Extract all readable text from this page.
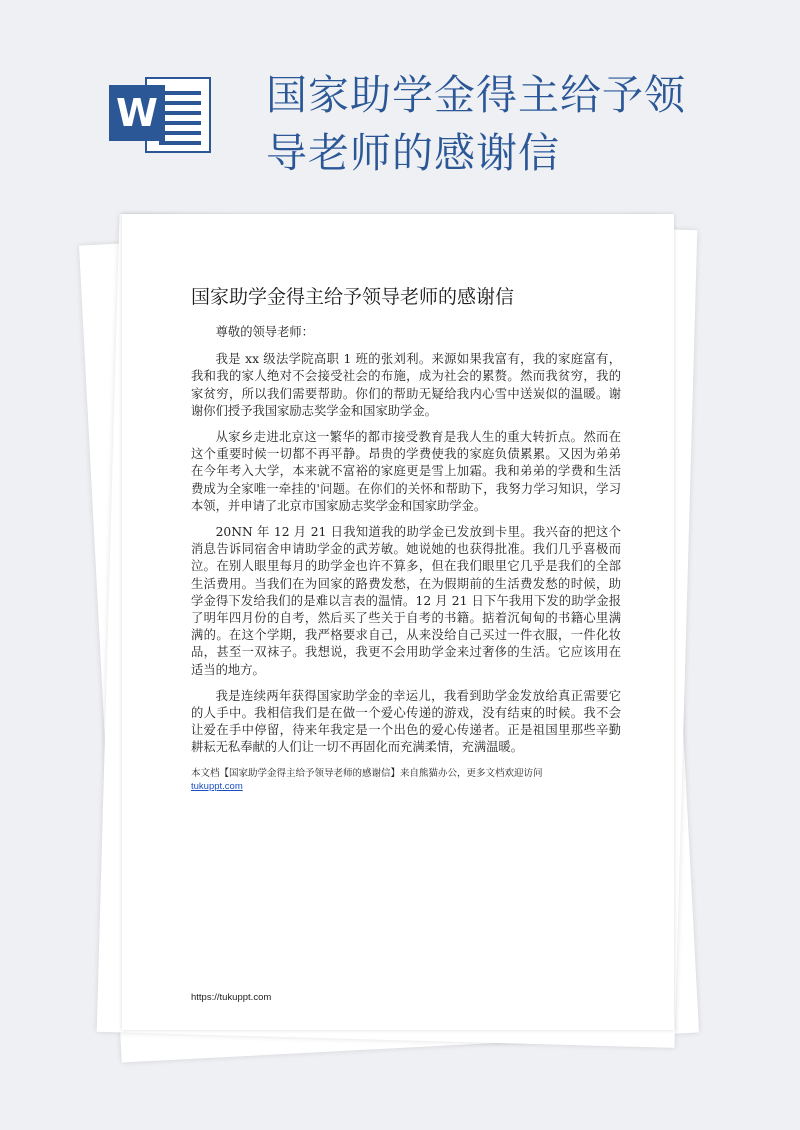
W	国家助学金得主给予领
导老师的感谢信
国家助学金得主给予领导老师的感谢信

尊敬的领导老师：

我是 xx 级法学院高职 1 班的张刘利。来源如果我富有，我的家庭富有，我和我的家人绝对不会接受社会的布施，成为社会的累赘。然而我贫穷，我的家贫穷，所以我们需要帮助。你们的帮助无疑给我内心雪中送炭似的温暖。谢谢你们授予我国家励志奖学金和国家助学金。

从家乡走进北京这一繁华的都市接受教育是我人生的重大转折点。然而在这个重要时候一切都不再平静。昂贵的学费使我的家庭负债累累。又因为弟弟在今年考入大学，本来就不富裕的家庭更是雪上加霜。我和弟弟的学费和生活费成为全家唯一牵挂的'问题。在你们的关怀和帮助下，我努力学习知识，学习本领，并申请了北京市国家励志奖学金和国家助学金。

20NN 年 12 月 21 日我知道我的助学金已发放到卡里。我兴奋的把这个消息告诉同宿舍申请助学金的武芳敏。她说她的也获得批准。我们几乎喜极而泣。在别人眼里每月的助学金也许不算多，但在我们眼里它几乎是我们的全部生活费用。当我们在为回家的路费发愁，在为假期前的生活费发愁的时候，助学金得下发给我们的是难以言表的温情。12 月 21 日下午我用下发的助学金报了明年四月份的自考，然后买了些关于自考的书籍。掂着沉甸甸的书籍心里满满的。在这个学期，我严格要求自己，从来没给自己买过一件衣服，一件化妆品，甚至一双袜子。我想说，我更不会用助学金来过奢侈的生活。它应该用在适当的地方。

我是连续两年获得国家助学金的幸运儿，我看到助学金发放给真正需要它的人手中。我相信我们是在做一个爱心传递的游戏，没有结束的时候。我不会让爱在手中停留，待来年我定是一个出色的爱心传递者。正是祖国里那些辛勤耕耘无私奉献的人们让一切不再固化而充满柔情，充满温暖。

本文档【国家助学金得主给予领导老师的感谢信】来自熊猫办公，更多文档欢迎访问
tukuppt.com
https://tukuppt.com
